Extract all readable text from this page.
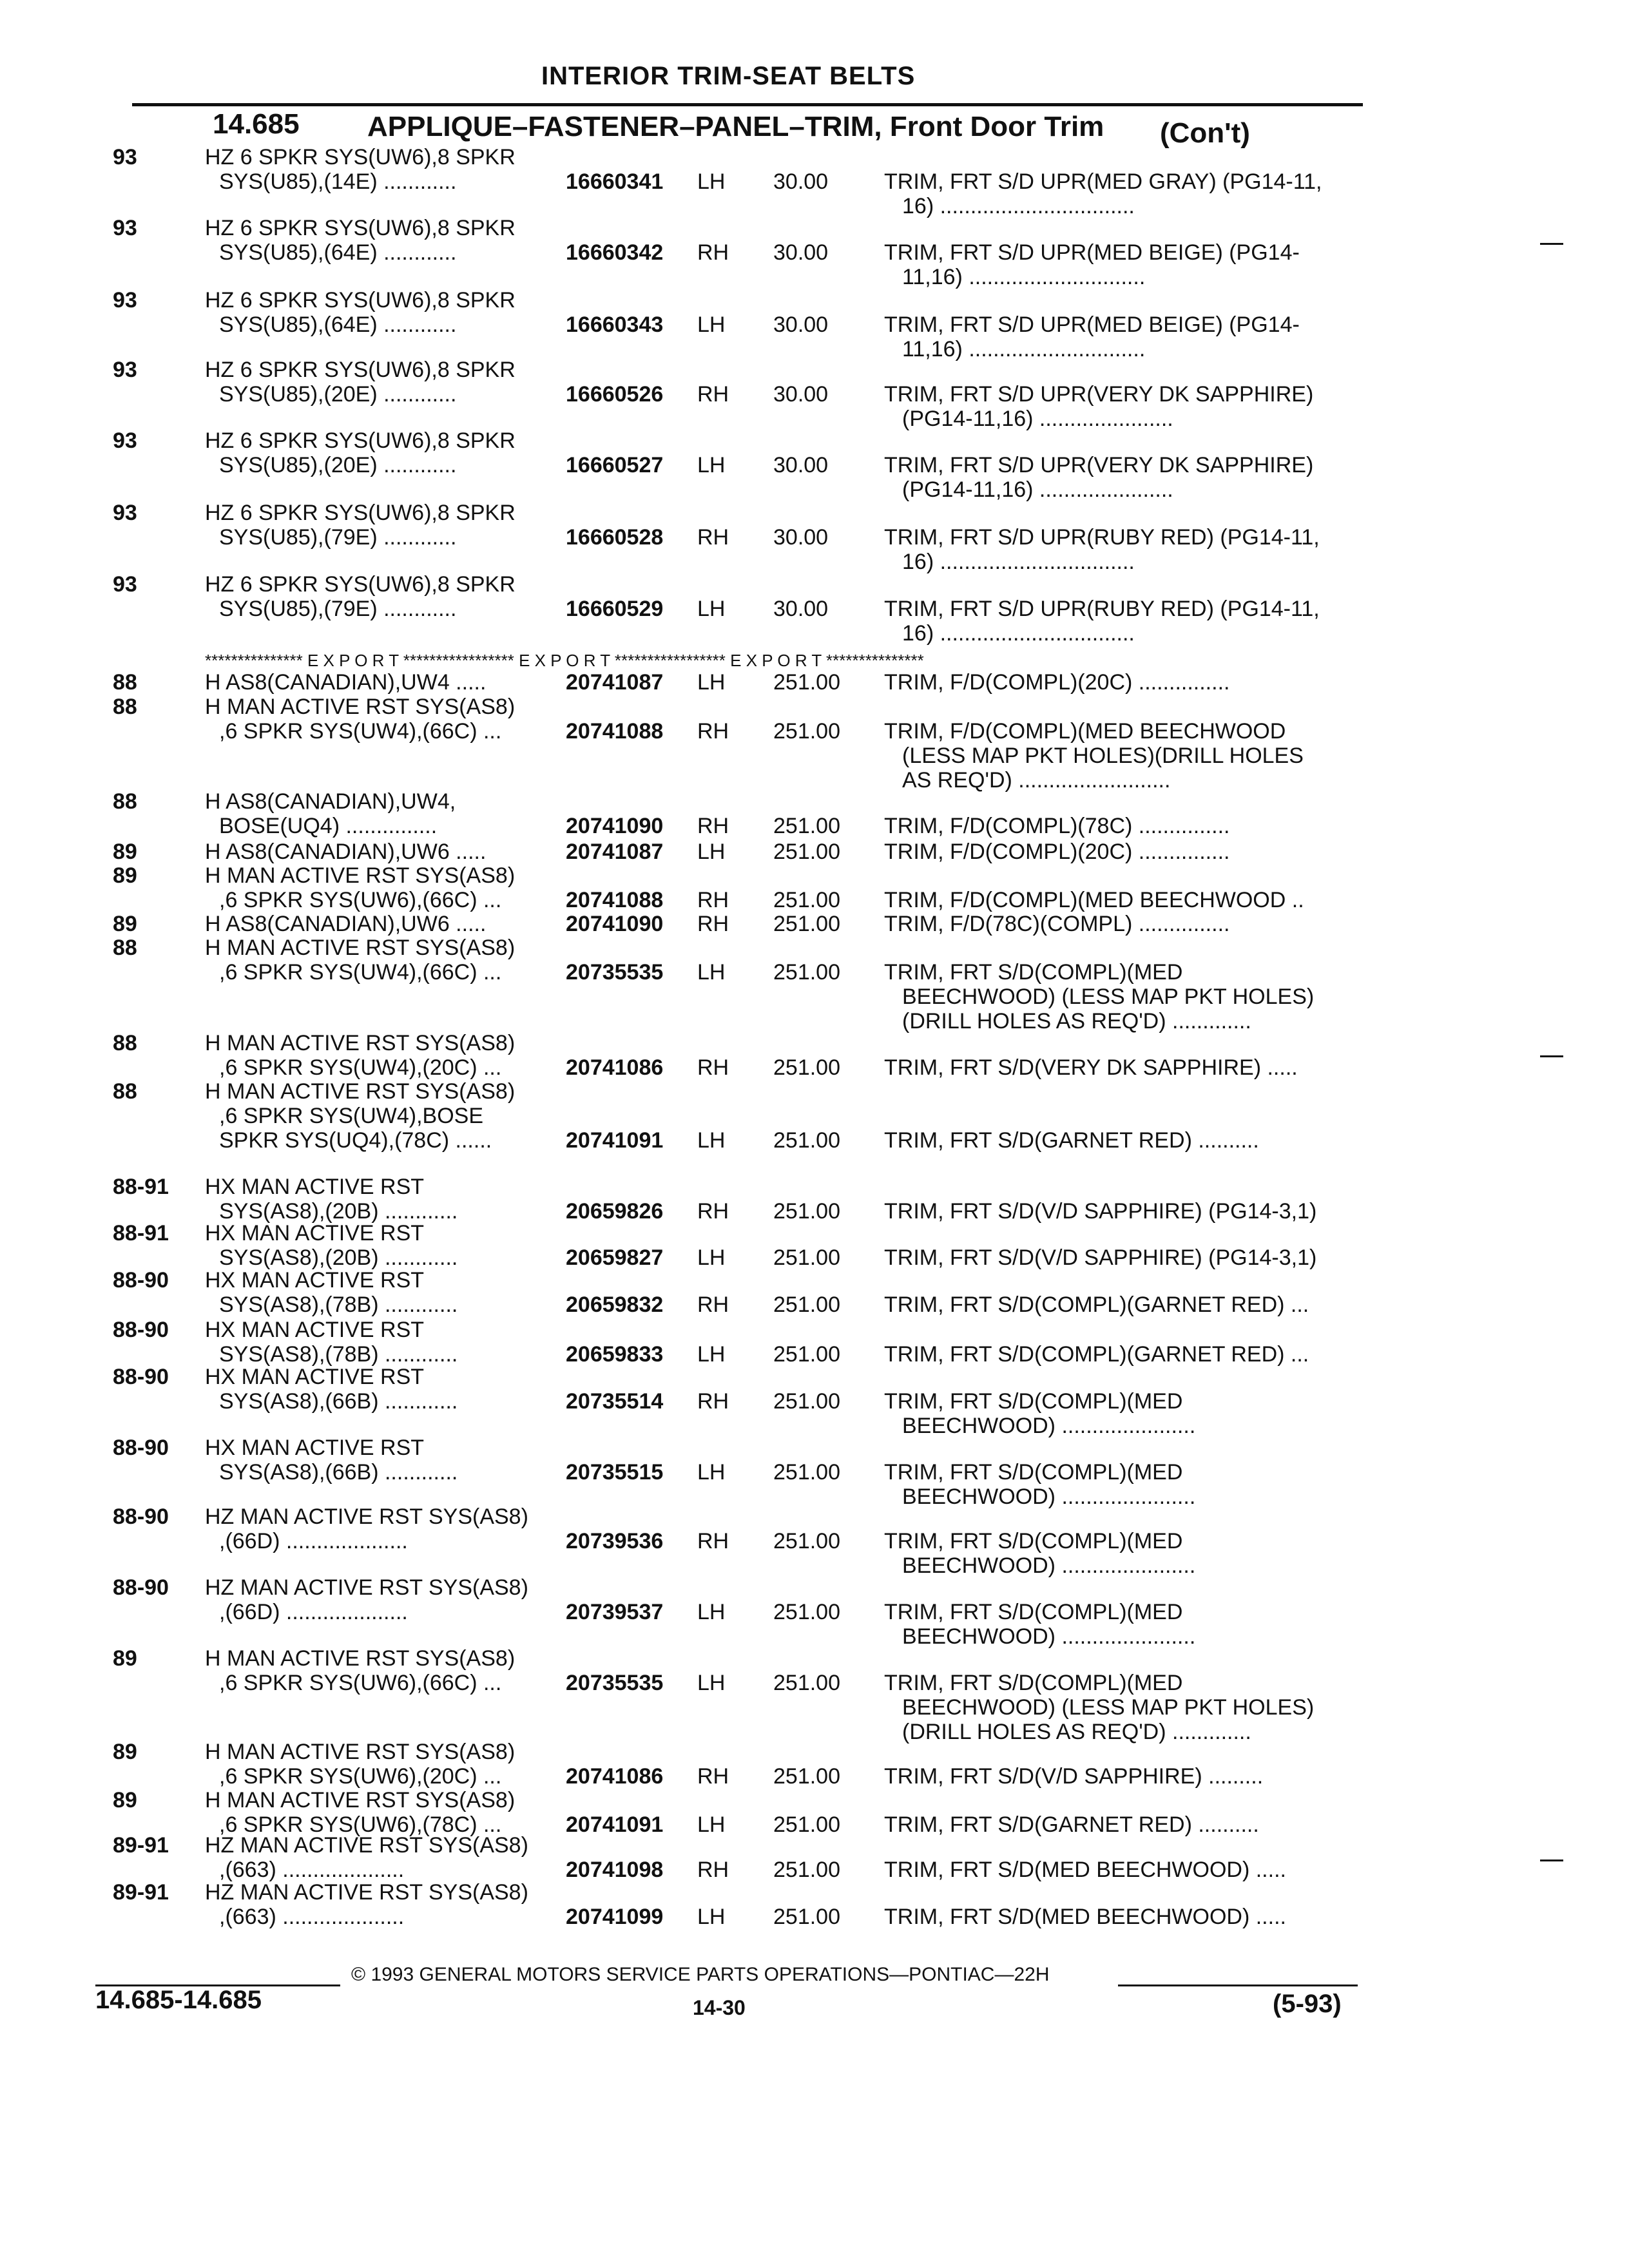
INTERIOR TRIM-SEAT BELTS
14.685 APPLIQUE–FASTENER–PANEL–TRIM, Front Door Trim (Con't)
93	HZ 6 SPKR SYS(UW6),8 SPKR
SYS(U85),(14E) ............	16660341 LH 30.00	TRIM, FRT S/D UPR(MED GRAY) (PG14-11,
16) ................................
93	HZ 6 SPKR SYS(UW6),8 SPKR
SYS(U85),(64E) ............	16660342 RH 30.00	TRIM, FRT S/D UPR(MED BEIGE) (PG14-
11,16) .............................
93	HZ 6 SPKR SYS(UW6),8 SPKR
SYS(U85),(64E) ............	16660343 LH 30.00	TRIM, FRT S/D UPR(MED BEIGE) (PG14-
11,16) .............................
93	HZ 6 SPKR SYS(UW6),8 SPKR
SYS(U85),(20E) ............	16660526 RH 30.00	TRIM, FRT S/D UPR(VERY DK SAPPHIRE)
(PG14-11,16) ......................
93	HZ 6 SPKR SYS(UW6),8 SPKR
SYS(U85),(20E) ............	16660527 LH 30.00	TRIM, FRT S/D UPR(VERY DK SAPPHIRE)
(PG14-11,16) ......................
93	HZ 6 SPKR SYS(UW6),8 SPKR
SYS(U85),(79E) ............	16660528 RH 30.00	TRIM, FRT S/D UPR(RUBY RED) (PG14-11,
16) ................................
93	HZ 6 SPKR SYS(UW6),8 SPKR
SYS(U85),(79E) ............	16660529 LH 30.00	TRIM, FRT S/D UPR(RUBY RED) (PG14-11,
16) ................................
88	H AS8(CANADIAN),UW4 .....	20741087 LH 251.00 TRIM, F/D(COMPL)(20C) ...............
88	H MAN ACTIVE RST SYS(AS8)
,6 SPKR SYS(UW4),(66C) ...	20741088 RH 251.00 TRIM, F/D(COMPL)(MED BEECHWOOD
(LESS MAP PKT HOLES)(DRILL HOLES
AS REQ'D) .........................
88	H AS8(CANADIAN),UW4,
BOSE(UQ4) ...............	20741090 RH 251.00 TRIM, F/D(COMPL)(78C) ...............
89	H AS8(CANADIAN),UW6 .....	20741087 LH 251.00 TRIM, F/D(COMPL)(20C) ...............
89	H MAN ACTIVE RST SYS(AS8)
,6 SPKR SYS(UW6),(66C) ...	20741088 RH 251.00 TRIM, F/D(COMPL)(MED BEECHWOOD ..
89	H AS8(CANADIAN),UW6 .....	20741090 RH 251.00 TRIM, F/D(78C)(COMPL) ...............
88	H MAN ACTIVE RST SYS(AS8)
,6 SPKR SYS(UW4),(66C) ...	20735535 LH 251.00 TRIM, FRT S/D(COMPL)(MED
BEECHWOOD) (LESS MAP PKT HOLES)
(DRILL HOLES AS REQ'D) .............
88	H MAN ACTIVE RST SYS(AS8)
,6 SPKR SYS(UW4),(20C) ...	20741086 RH 251.00 TRIM, FRT S/D(VERY DK SAPPHIRE) .....
88	H MAN ACTIVE RST SYS(AS8)
,6 SPKR SYS(UW4),BOSE
SPKR SYS(UQ4),(78C) ......	20741091 LH 251.00 TRIM, FRT S/D(GARNET RED) ..........
88-91 HX MAN ACTIVE RST
SYS(AS8),(20B) ............	20659826 RH 251.00 TRIM, FRT S/D(V/D SAPPHIRE) (PG14-3,1)
88-91 HX MAN ACTIVE RST
SYS(AS8),(20B) ............	20659827 LH 251.00 TRIM, FRT S/D(V/D SAPPHIRE) (PG14-3,1)
88-90 HX MAN ACTIVE RST
SYS(AS8),(78B) ............	20659832 RH 251.00 TRIM, FRT S/D(COMPL)(GARNET RED) ...
88-90 HX MAN ACTIVE RST
SYS(AS8),(78B) ............	20659833 LH 251.00 TRIM, FRT S/D(COMPL)(GARNET RED) ...
88-90 HX MAN ACTIVE RST
SYS(AS8),(66B) ............	20735514 RH 251.00 TRIM, FRT S/D(COMPL)(MED
BEECHWOOD) ......................
88-90 HX MAN ACTIVE RST
SYS(AS8),(66B) ............	20735515 LH 251.00 TRIM, FRT S/D(COMPL)(MED
BEECHWOOD) ......................
88-90 HZ MAN ACTIVE RST SYS(AS8)
,(66D) ....................	20739536 RH 251.00 TRIM, FRT S/D(COMPL)(MED
BEECHWOOD) ......................
88-90 HZ MAN ACTIVE RST SYS(AS8)
,(66D) ....................	20739537 LH 251.00 TRIM, FRT S/D(COMPL)(MED
BEECHWOOD) ......................
89	H MAN ACTIVE RST SYS(AS8)
,6 SPKR SYS(UW6),(66C) ...	20735535 LH 251.00 TRIM, FRT S/D(COMPL)(MED
BEECHWOOD) (LESS MAP PKT HOLES)
(DRILL HOLES AS REQ'D) .............
89	H MAN ACTIVE RST SYS(AS8)
,6 SPKR SYS(UW6),(20C) ...	20741086 RH 251.00 TRIM, FRT S/D(V/D SAPPHIRE) .........
89	H MAN ACTIVE RST SYS(AS8)
,6 SPKR SYS(UW6),(78C) ...	20741091 LH 251.00 TRIM, FRT S/D(GARNET RED) ..........
89-91 HZ MAN ACTIVE RST SYS(AS8)
,(663) ....................	20741098 RH 251.00 TRIM, FRT S/D(MED BEECHWOOD) .....
89-91 HZ MAN ACTIVE RST SYS(AS8)
,(663) ....................	20741099 LH 251.00 TRIM, FRT S/D(MED BEECHWOOD) .....
*************** E X P O R T ***************** E X P O R T ***************** E X P O R T ***************
© 1993 GENERAL MOTORS SERVICE PARTS OPERATIONS—PONTIAC—22H
14.685-14.685	14-30	(5-93)
